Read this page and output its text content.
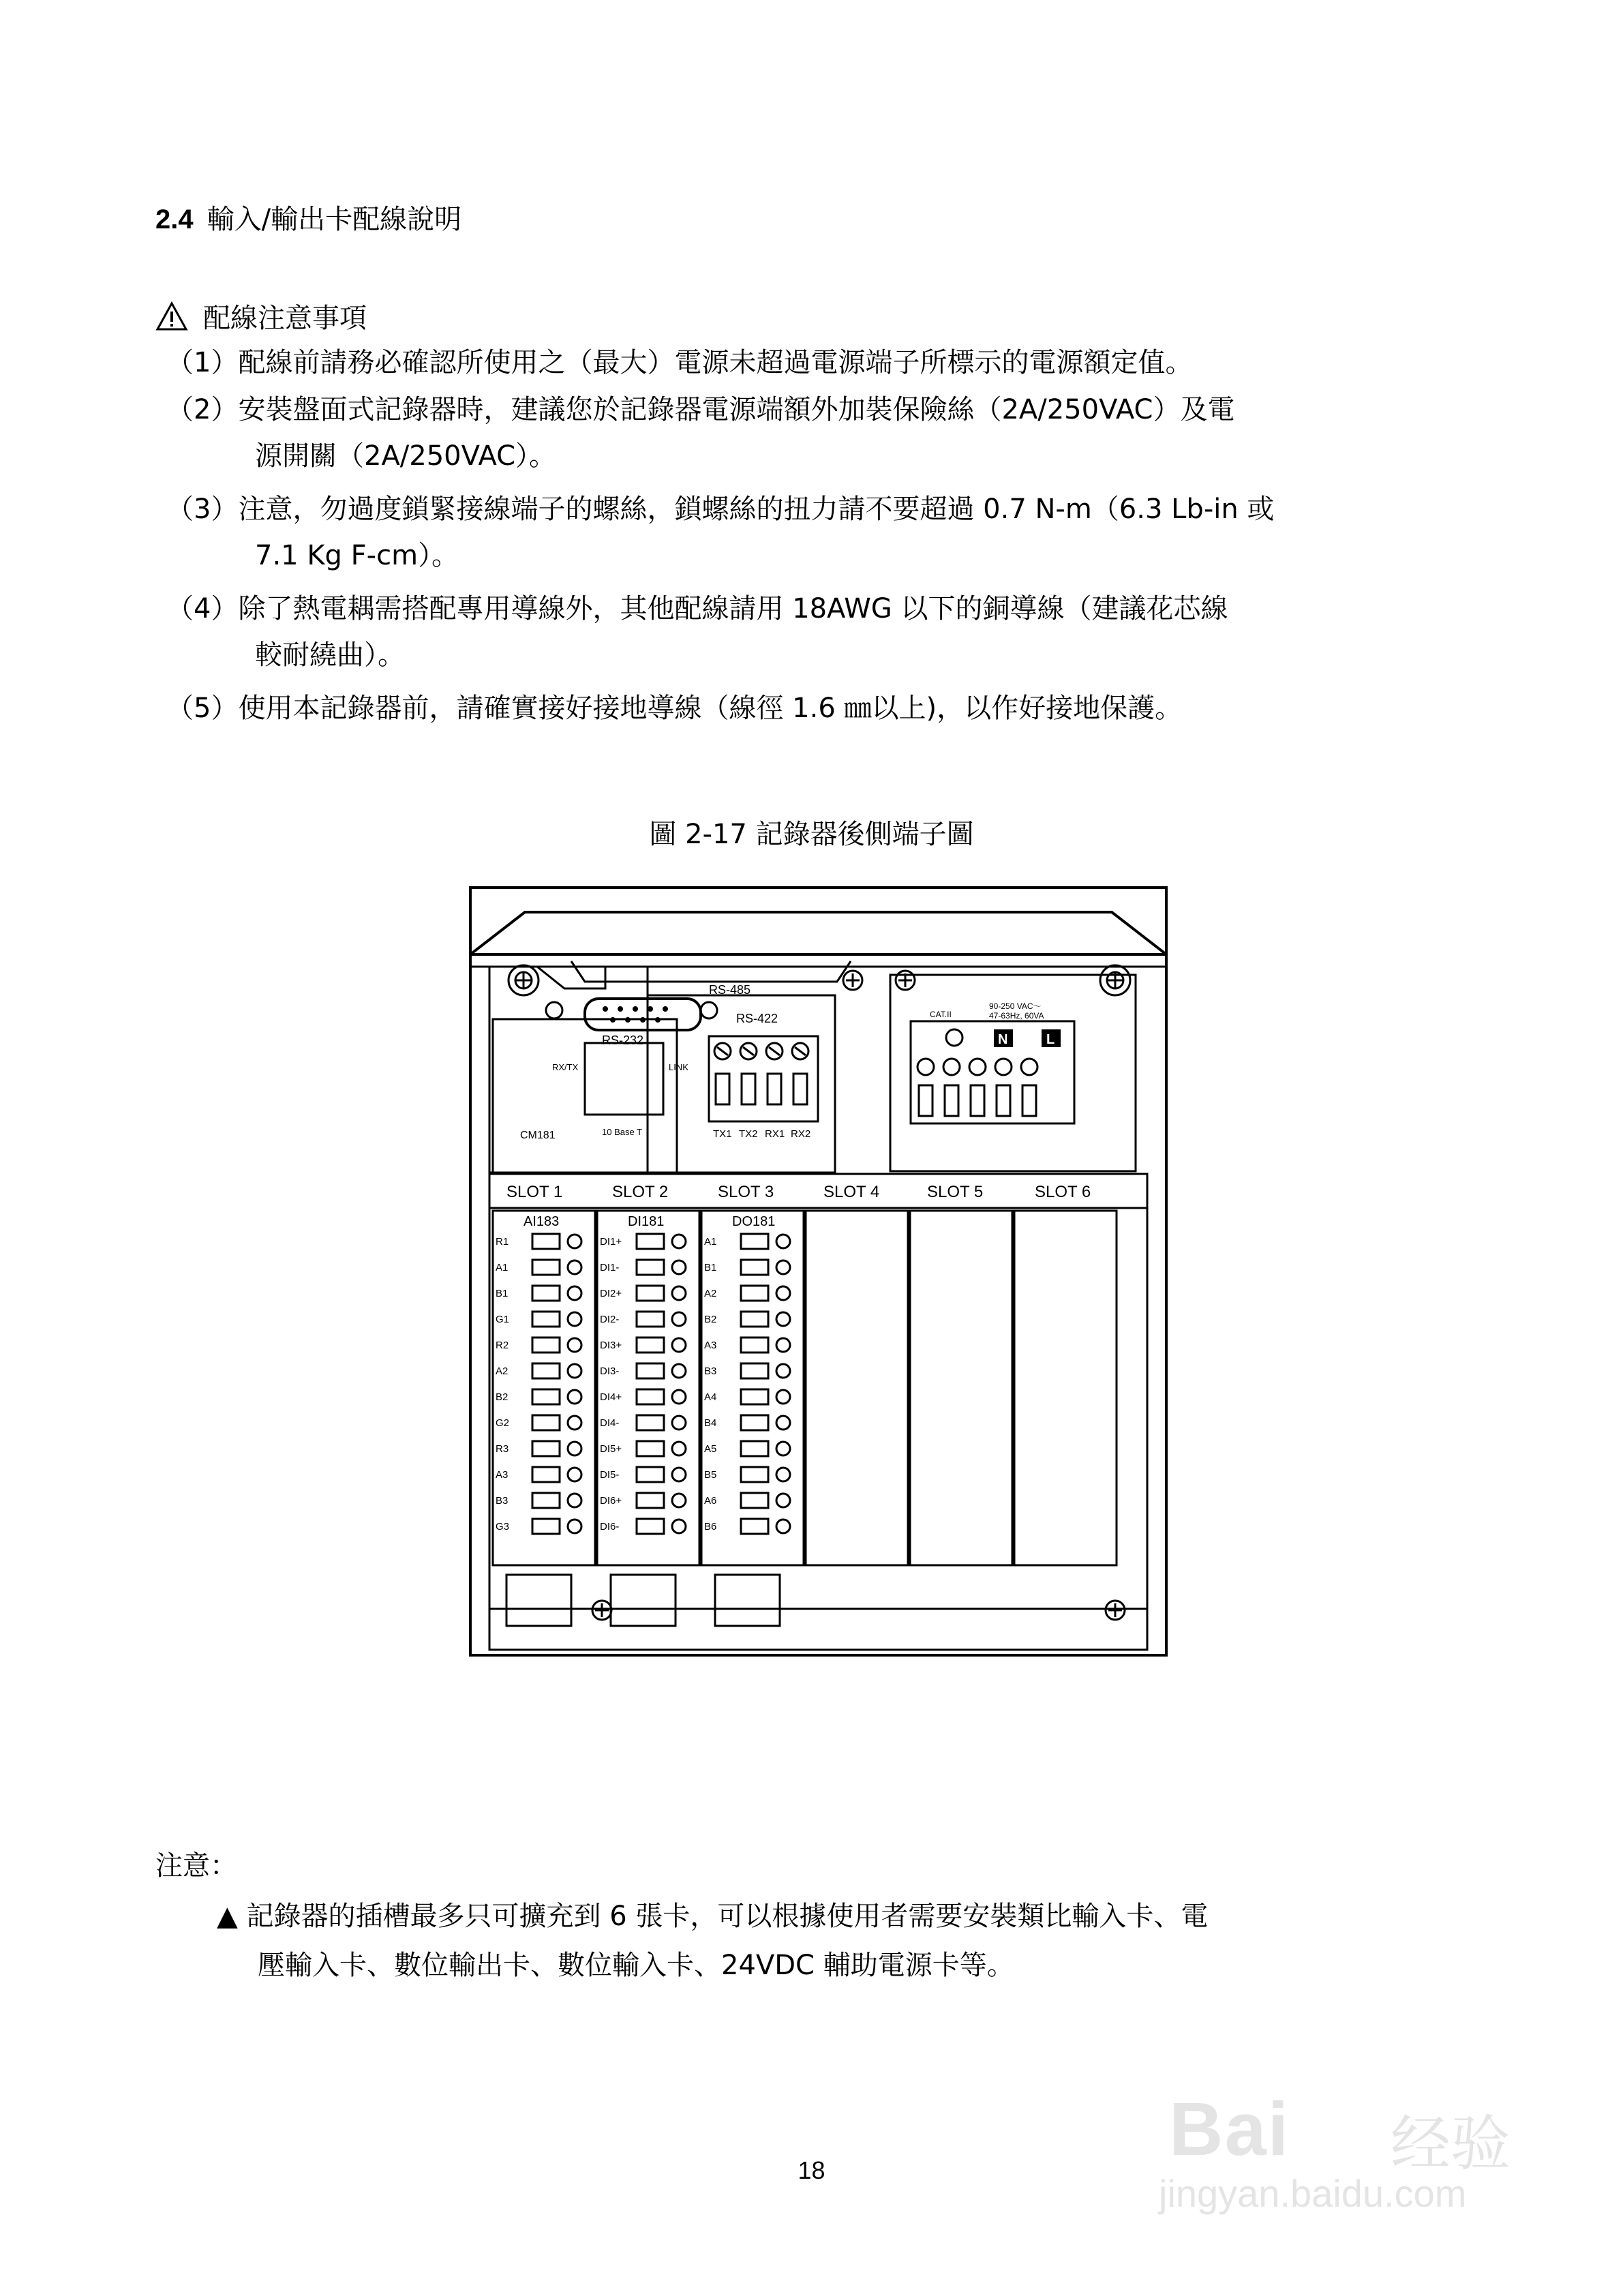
2.4 輸入/輸出卡配線說明
配線注意事項
（1）配線前請務必確認所使用之（最大）電源未超過電源端子所標示的電源額定值。
（2）安裝盤面式記錄器時，建議您於記錄器電源端額外加裝保險絲（2A/250VAC）及電
源開關（2A/250VAC）。
（3）注意，勿過度鎖緊接線端子的螺絲，鎖螺絲的扭力請不要超過 0.7 N-m（6.3 Lb-in 或
7.1 Kg F-cm）。
（4）除了熱電耦需搭配專用導線外，其他配線請用 18AWG 以下的銅導線（建議花芯線
較耐繞曲）。
（5）使用本記錄器前，請確實接好接地導線（線徑 1.6 ㎜以上)，以作好接地保護。
圖 2-17 記錄器後側端子圖
RS-485
RS-422
RS-232
RX/TX	LINK
10 Base T
CM181	TX1 TX2 RX1 RX2
CAT.II
90-250 VAC～
47-63Hz, 60VA
N	L
SLOT 1	SLOT 2	SLOT 3	SLOT 4	SLOT 5	SLOT 6
AI183	DI181	DO181
R1
A1
B1
G1
R2
A2
B2
G2
R3
A3
B3
G3
DI1+
DI1-
DI2+
DI2-
DI3+
DI3-
DI4+
DI4-
DI5+
DI5-
DI6+
DI6-
A1
B1
A2
B2
A3
B3
A4
B4
A5
B5
A6
B6
注意：
▲ 記錄器的插槽最多只可擴充到 6 張卡，可以根據使用者需要安裝類比輸入卡、電
壓輸入卡、數位輸出卡、數位輸入卡、24VDC 輔助電源卡等。
18	Bai 经验
jingyan.baidu.com
